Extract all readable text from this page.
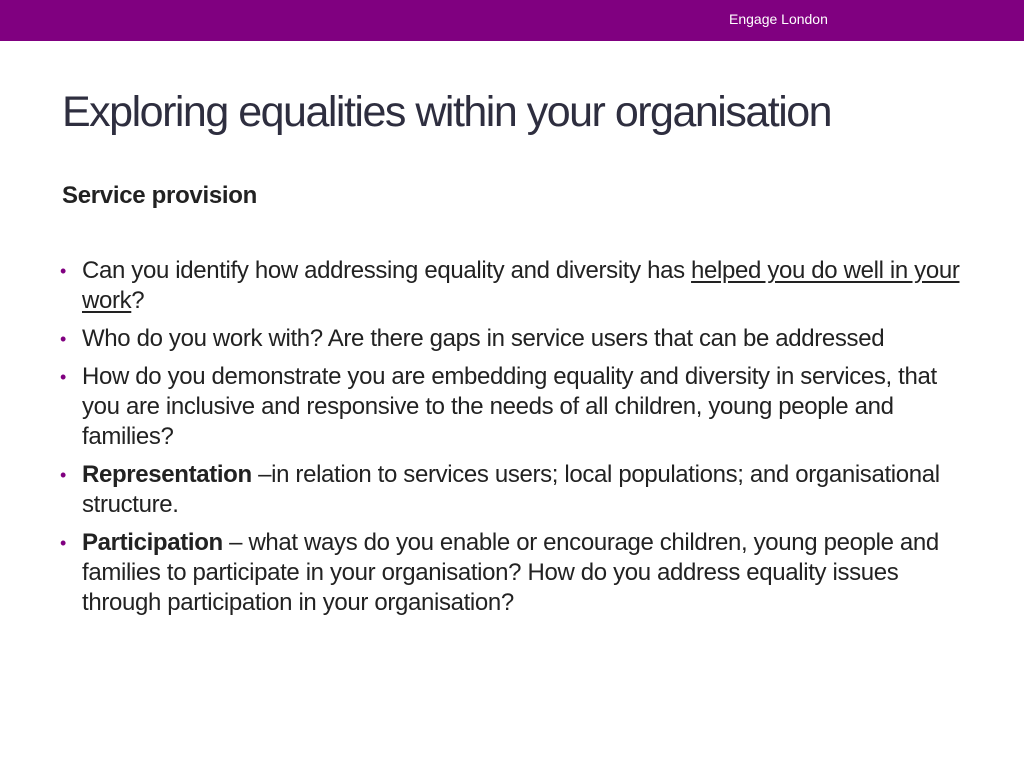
Engage London
Exploring equalities within your organisation
Service provision
• Can you identify how addressing equality and diversity has helped you do well in your work?
• Who do you work with? Are there gaps in service users that can be addressed
• How do you demonstrate you are embedding equality and diversity in services, that you are inclusive and responsive to the needs of all children, young people and families?
• Representation –in relation to services users; local populations; and organisational structure.
• Participation – what ways do you enable or encourage children, young people and families to participate in your organisation? How do you address equality issues through participation in your organisation?
